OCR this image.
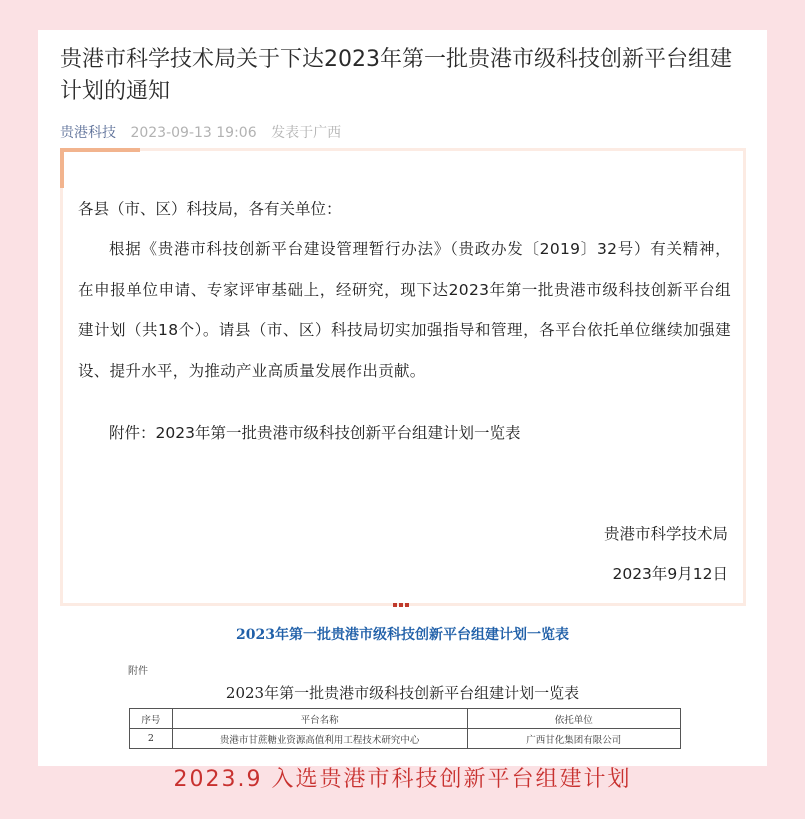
贵港市科学技术局关于下达2023年第一批贵港市级科技创新平台组建计划的通知
贵港科技 2023-09-13 19:06 发表于广西

各县（市、区）科技局，各有关单位：

根据《贵港市科技创新平台建设管理暂行办法》（贵政办发〔2019〕32号）有关精神，在申报单位申请、专家评审基础上，经研究，现下达2023年第一批贵港市级科技创新平台组建计划（共18个）。请县（市、区）科技局切实加强指导和管理，各平台依托单位继续加强建设、提升水平，为推动产业高质量发展作出贡献。

附件：2023年第一批贵港市级科技创新平台组建计划一览表

贵港市科学技术局
2023年9月12日
2023年第一批贵港市级科技创新平台组建计划一览表
附件
2023年第一批贵港市级科技创新平台组建计划一览表
序号	平台名称	依托单位
2	贵港市甘蔗糖业资源高值利用工程技术研究中心	广西甘化集团有限公司
2023.9 入选贵港市科技创新平台组建计划
